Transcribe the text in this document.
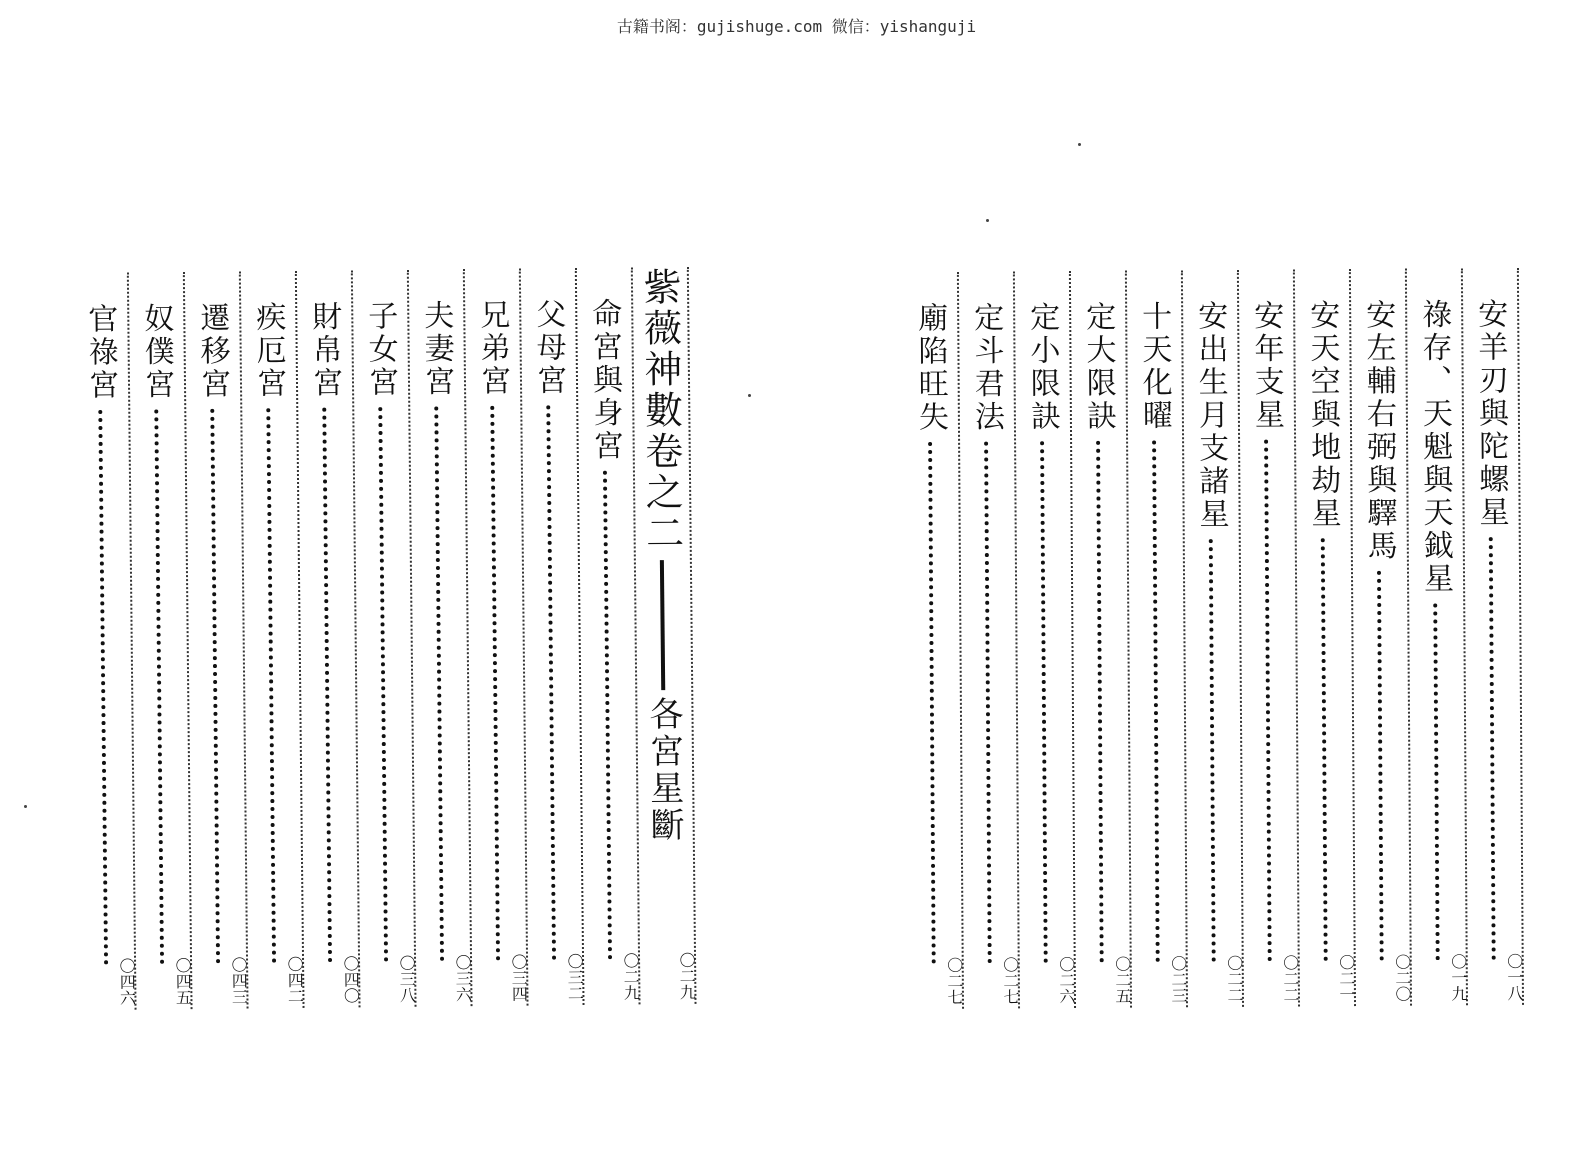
古籍书阁：gujishuge.com 微信：yishanguji
紫薇神數卷之二
各宮星斷
〇二九
命宮與身宮
〇二九
父母宮
〇三二
兄弟宮
〇三四
夫妻宮
〇三六
子女宮
〇三八
財帛宮
〇四〇
疾厄宮
〇四二
遷移宮
〇四三
奴僕宮
〇四五
官祿宮
〇四六
安羊刃與陀螺星
〇一八
祿存、天魁與天鉞星
〇一九
安左輔右弼與驛馬
〇二〇
安天空與地劫星
〇二一
安年支星
〇二二
安出生月支諸星
〇二二
十天化曜
〇二三
定大限訣
〇二五
定小限訣
〇二六
定斗君法
〇二七
廟陷旺失
〇二七
